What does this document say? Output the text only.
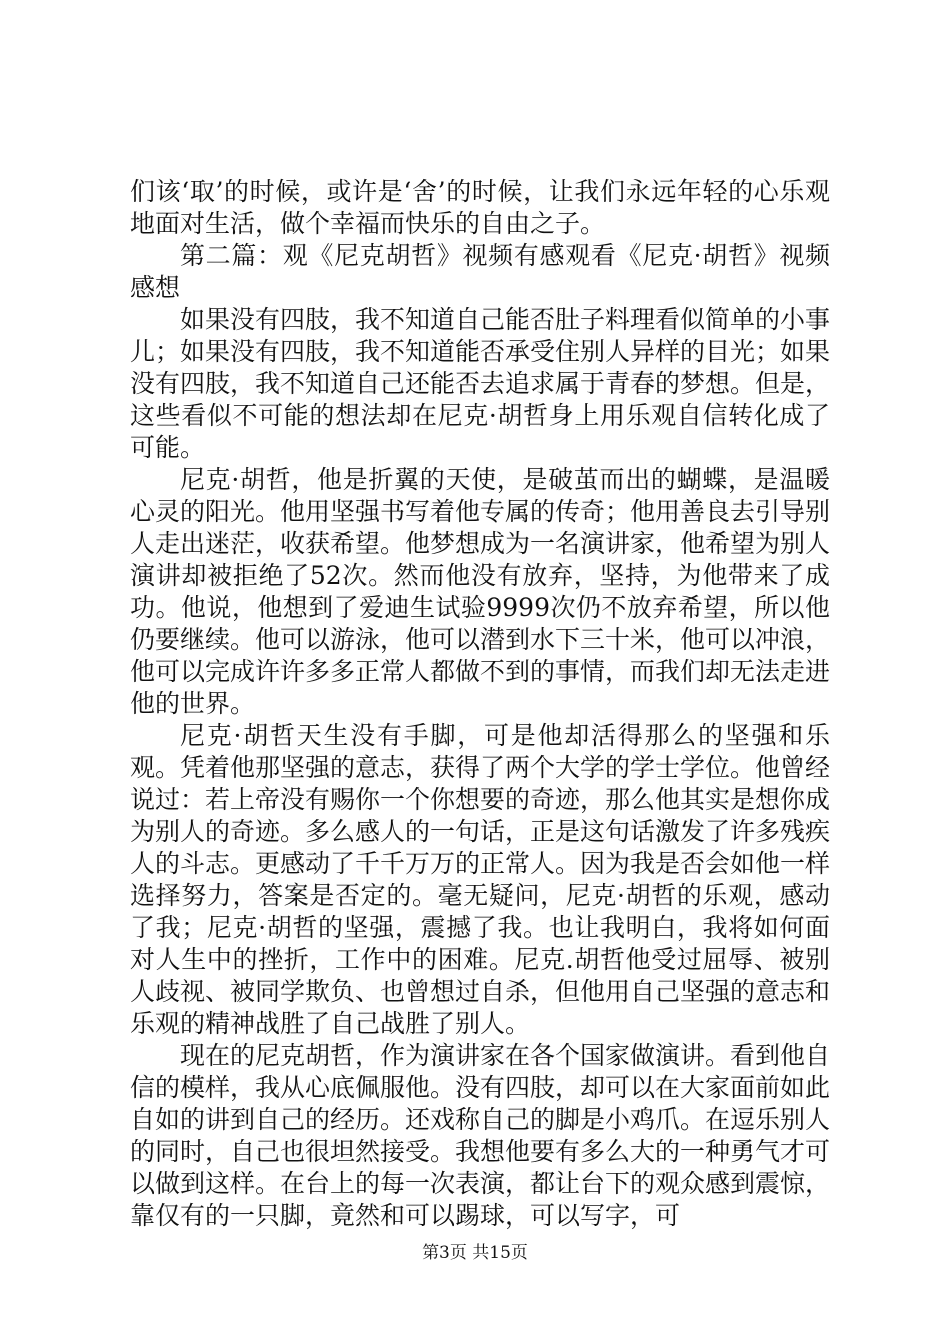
们该‘取’的时候，或许是‘舍’的时候，让我们永远年轻的心乐观地面对生活，做个幸福而快乐的自由之子。

第二篇：观《尼克胡哲》视频有感观看《尼克·胡哲》视频感想

如果没有四肢，我不知道自己能否肚子料理看似简单的小事儿；如果没有四肢，我不知道能否承受住别人异样的目光；如果没有四肢，我不知道自己还能否去追求属于青春的梦想。但是，这些看似不可能的想法却在尼克·胡哲身上用乐观自信转化成了可能。

尼克·胡哲，他是折翼的天使，是破茧而出的蝴蝶，是温暖心灵的阳光。他用坚强书写着他专属的传奇；他用善良去引导别人走出迷茫，收获希望。他梦想成为一名演讲家，他希望为别人演讲却被拒绝了52次。然而他没有放弃，坚持，为他带来了成功。他说，他想到了爱迪生试验9999次仍不放弃希望，所以他仍要继续。他可以游泳，他可以潜到水下三十米，他可以冲浪，他可以完成许许多多正常人都做不到的事情，而我们却无法走进他的世界。

尼克·胡哲天生没有手脚，可是他却活得那么的坚强和乐观。凭着他那坚强的意志，获得了两个大学的学士学位。他曾经说过：若上帝没有赐你一个你想要的奇迹，那么他其实是想你成为别人的奇迹。多么感人的一句话，正是这句话激发了许多残疾人的斗志。更感动了千千万万的正常人。因为我是否会如他一样选择努力，答案是否定的。毫无疑问，尼克·胡哲的乐观，感动了我；尼克·胡哲的坚强，震撼了我。也让我明白，我将如何面对人生中的挫折，工作中的困难。尼克.胡哲他受过屈辱、被别人歧视、被同学欺负、也曾想过自杀，但他用自己坚强的意志和乐观的精神战胜了自己战胜了别人。

现在的尼克胡哲，作为演讲家在各个国家做演讲。看到他自信的模样，我从心底佩服他。没有四肢，却可以在大家面前如此自如的讲到自己的经历。还戏称自己的脚是小鸡爪。在逗乐别人的同时，自己也很坦然接受。我想他要有多么大的一种勇气才可以做到这样。在台上的每一次表演，都让台下的观众感到震惊，靠仅有的一只脚，竟然和可以踢球，可以写字，可

第3页 共15页
